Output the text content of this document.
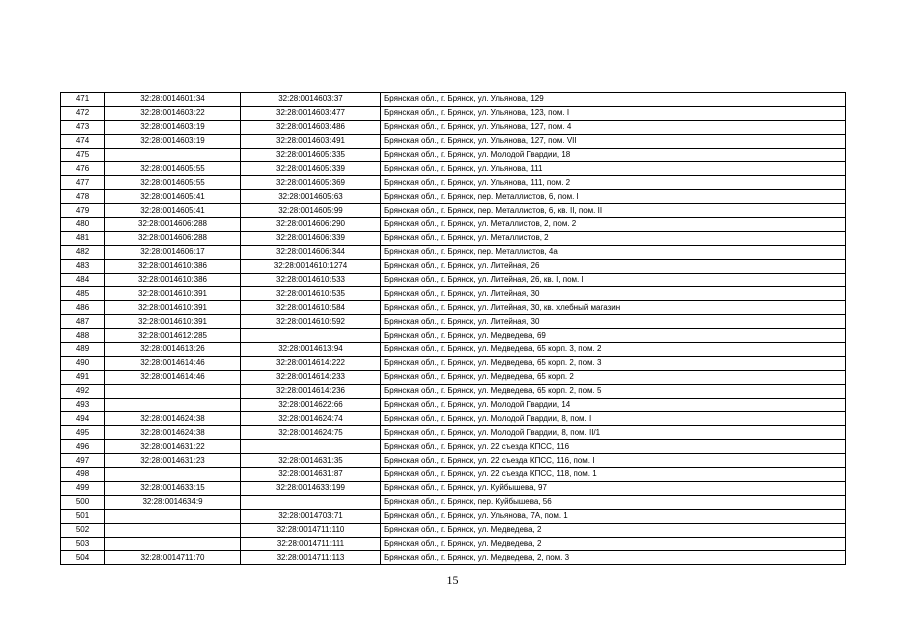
471	32:28:0014601:34	32:28:0014603:37	Брянская обл., г. Брянск, ул. Ульянова, 129
472	32:28:0014603:22	32:28:0014603:477	Брянская обл., г. Брянск, ул. Ульянова, 123, пом. I
473	32:28:0014603:19	32:28:0014603:486	Брянская обл., г. Брянск, ул. Ульянова, 127, пом. 4
474	32:28:0014603:19	32:28:0014603:491	Брянская обл., г. Брянск, ул. Ульянова, 127, пом. VII
475		32:28:0014605:335	Брянская обл., г. Брянск, ул. Молодой Гвардии, 18
476	32:28:0014605:55	32:28:0014605:339	Брянская обл., г. Брянск, ул. Ульянова, 111
477	32:28:0014605:55	32:28:0014605:369	Брянская обл., г. Брянск, ул. Ульянова, 111, пом. 2
478	32:28:0014605:41	32:28:0014605:63	Брянская обл., г. Брянск, пер. Металлистов, 6, пом. I
479	32:28:0014605:41	32:28:0014605:99	Брянская обл., г. Брянск, пер. Металлистов, 6, кв. II, пом. II
480	32:28:0014606:288	32:28:0014606:290	Брянская обл., г. Брянск, ул. Металлистов, 2, пом. 2
481	32:28:0014606:288	32:28:0014606:339	Брянская обл., г. Брянск, ул. Металлистов, 2
482	32:28:0014606:17	32:28:0014606:344	Брянская обл., г. Брянск, пер. Металлистов, 4а
483	32:28:0014610:386	32:28:0014610:1274	Брянская обл., г. Брянск, ул. Литейная, 26
484	32:28:0014610:386	32:28:0014610:533	Брянская обл., г. Брянск, ул. Литейная, 26, кв. I, пом. I
485	32:28:0014610:391	32:28:0014610:535	Брянская обл., г. Брянск, ул. Литейная, 30
486	32:28:0014610:391	32:28:0014610:584	Брянская обл., г. Брянск, ул. Литейная, 30, кв. хлебный магазин
487	32:28:0014610:391	32:28:0014610:592	Брянская обл., г. Брянск, ул. Литейная, 30
488	32:28:0014612:285		Брянская обл., г. Брянск, ул. Медведева, 69
489	32:28:0014613:26	32:28:0014613:94	Брянская обл., г. Брянск, ул. Медведева, 65 корп. 3, пом. 2
490	32:28:0014614:46	32:28:0014614:222	Брянская обл., г. Брянск, ул. Медведева, 65 корп. 2, пом. 3
491	32:28:0014614:46	32:28:0014614:233	Брянская обл., г. Брянск, ул. Медведева, 65 корп. 2
492		32:28:0014614:236	Брянская обл., г. Брянск, ул. Медведева, 65 корп. 2, пом. 5
493		32:28:0014622:66	Брянская обл., г. Брянск, ул. Молодой Гвардии, 14
494	32:28:0014624:38	32:28:0014624:74	Брянская обл., г. Брянск, ул. Молодой Гвардии, 8, пом. I
495	32:28:0014624:38	32:28:0014624:75	Брянская обл., г. Брянск, ул. Молодой Гвардии, 8, пом. II/1
496	32:28:0014631:22		Брянская обл., г. Брянск, ул. 22 съезда КПСС, 116
497	32:28:0014631:23	32:28:0014631:35	Брянская обл., г. Брянск, ул. 22 съезда КПСС, 116, пом. I
498		32:28:0014631:87	Брянская обл., г. Брянск, ул. 22 съезда КПСС, 118, пом. 1
499	32:28:0014633:15	32:28:0014633:199	Брянская обл., г. Брянск, ул. Куйбышева, 97
500	32:28:0014634:9		Брянская обл., г. Брянск, пер. Куйбышева, 56
501		32:28:0014703:71	Брянская обл., г. Брянск, ул. Ульянова, 7А, пом. 1
502		32:28:0014711:110	Брянская обл., г. Брянск, ул. Медведева, 2
503		32:28:0014711:111	Брянская обл., г. Брянск, ул. Медведева, 2
504	32:28:0014711:70	32:28:0014711:113	Брянская обл., г. Брянск, ул. Медведева, 2, пом. 3
15
